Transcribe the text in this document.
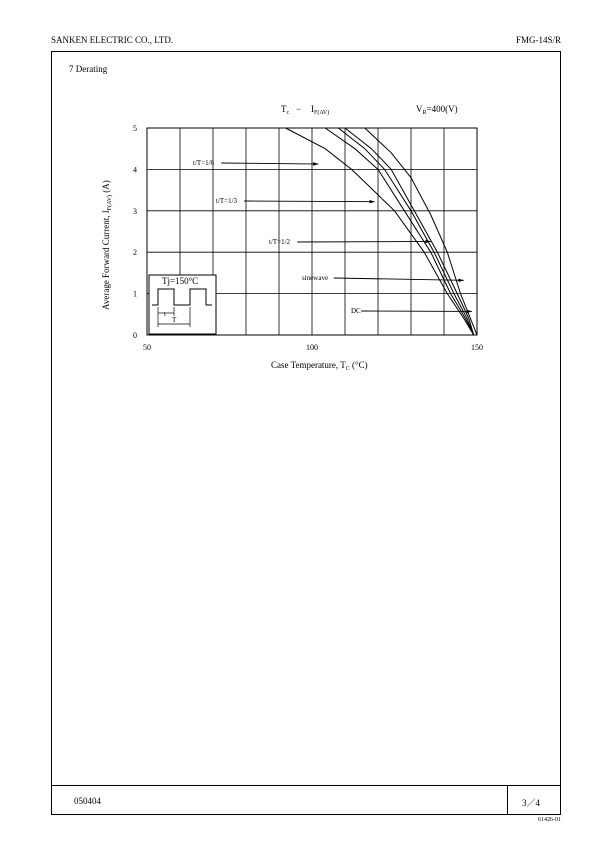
SANKEN ELECTRIC CO., LTD.	FMG-14S/R
7 Derating
0
1
2
3
4
5
50	100	150
t/T=1/6
t/T=1/3
t/T=1/2
sinewave
DC
$T_c - I_{F(AV)}$	$V_R=400(V)$
Case Temperature, $T_C$ (°C)
Average Forward Current, $I_{F(AV)}$ (A)
Tj=150°C
t
T
050404	3／4
61426-01
